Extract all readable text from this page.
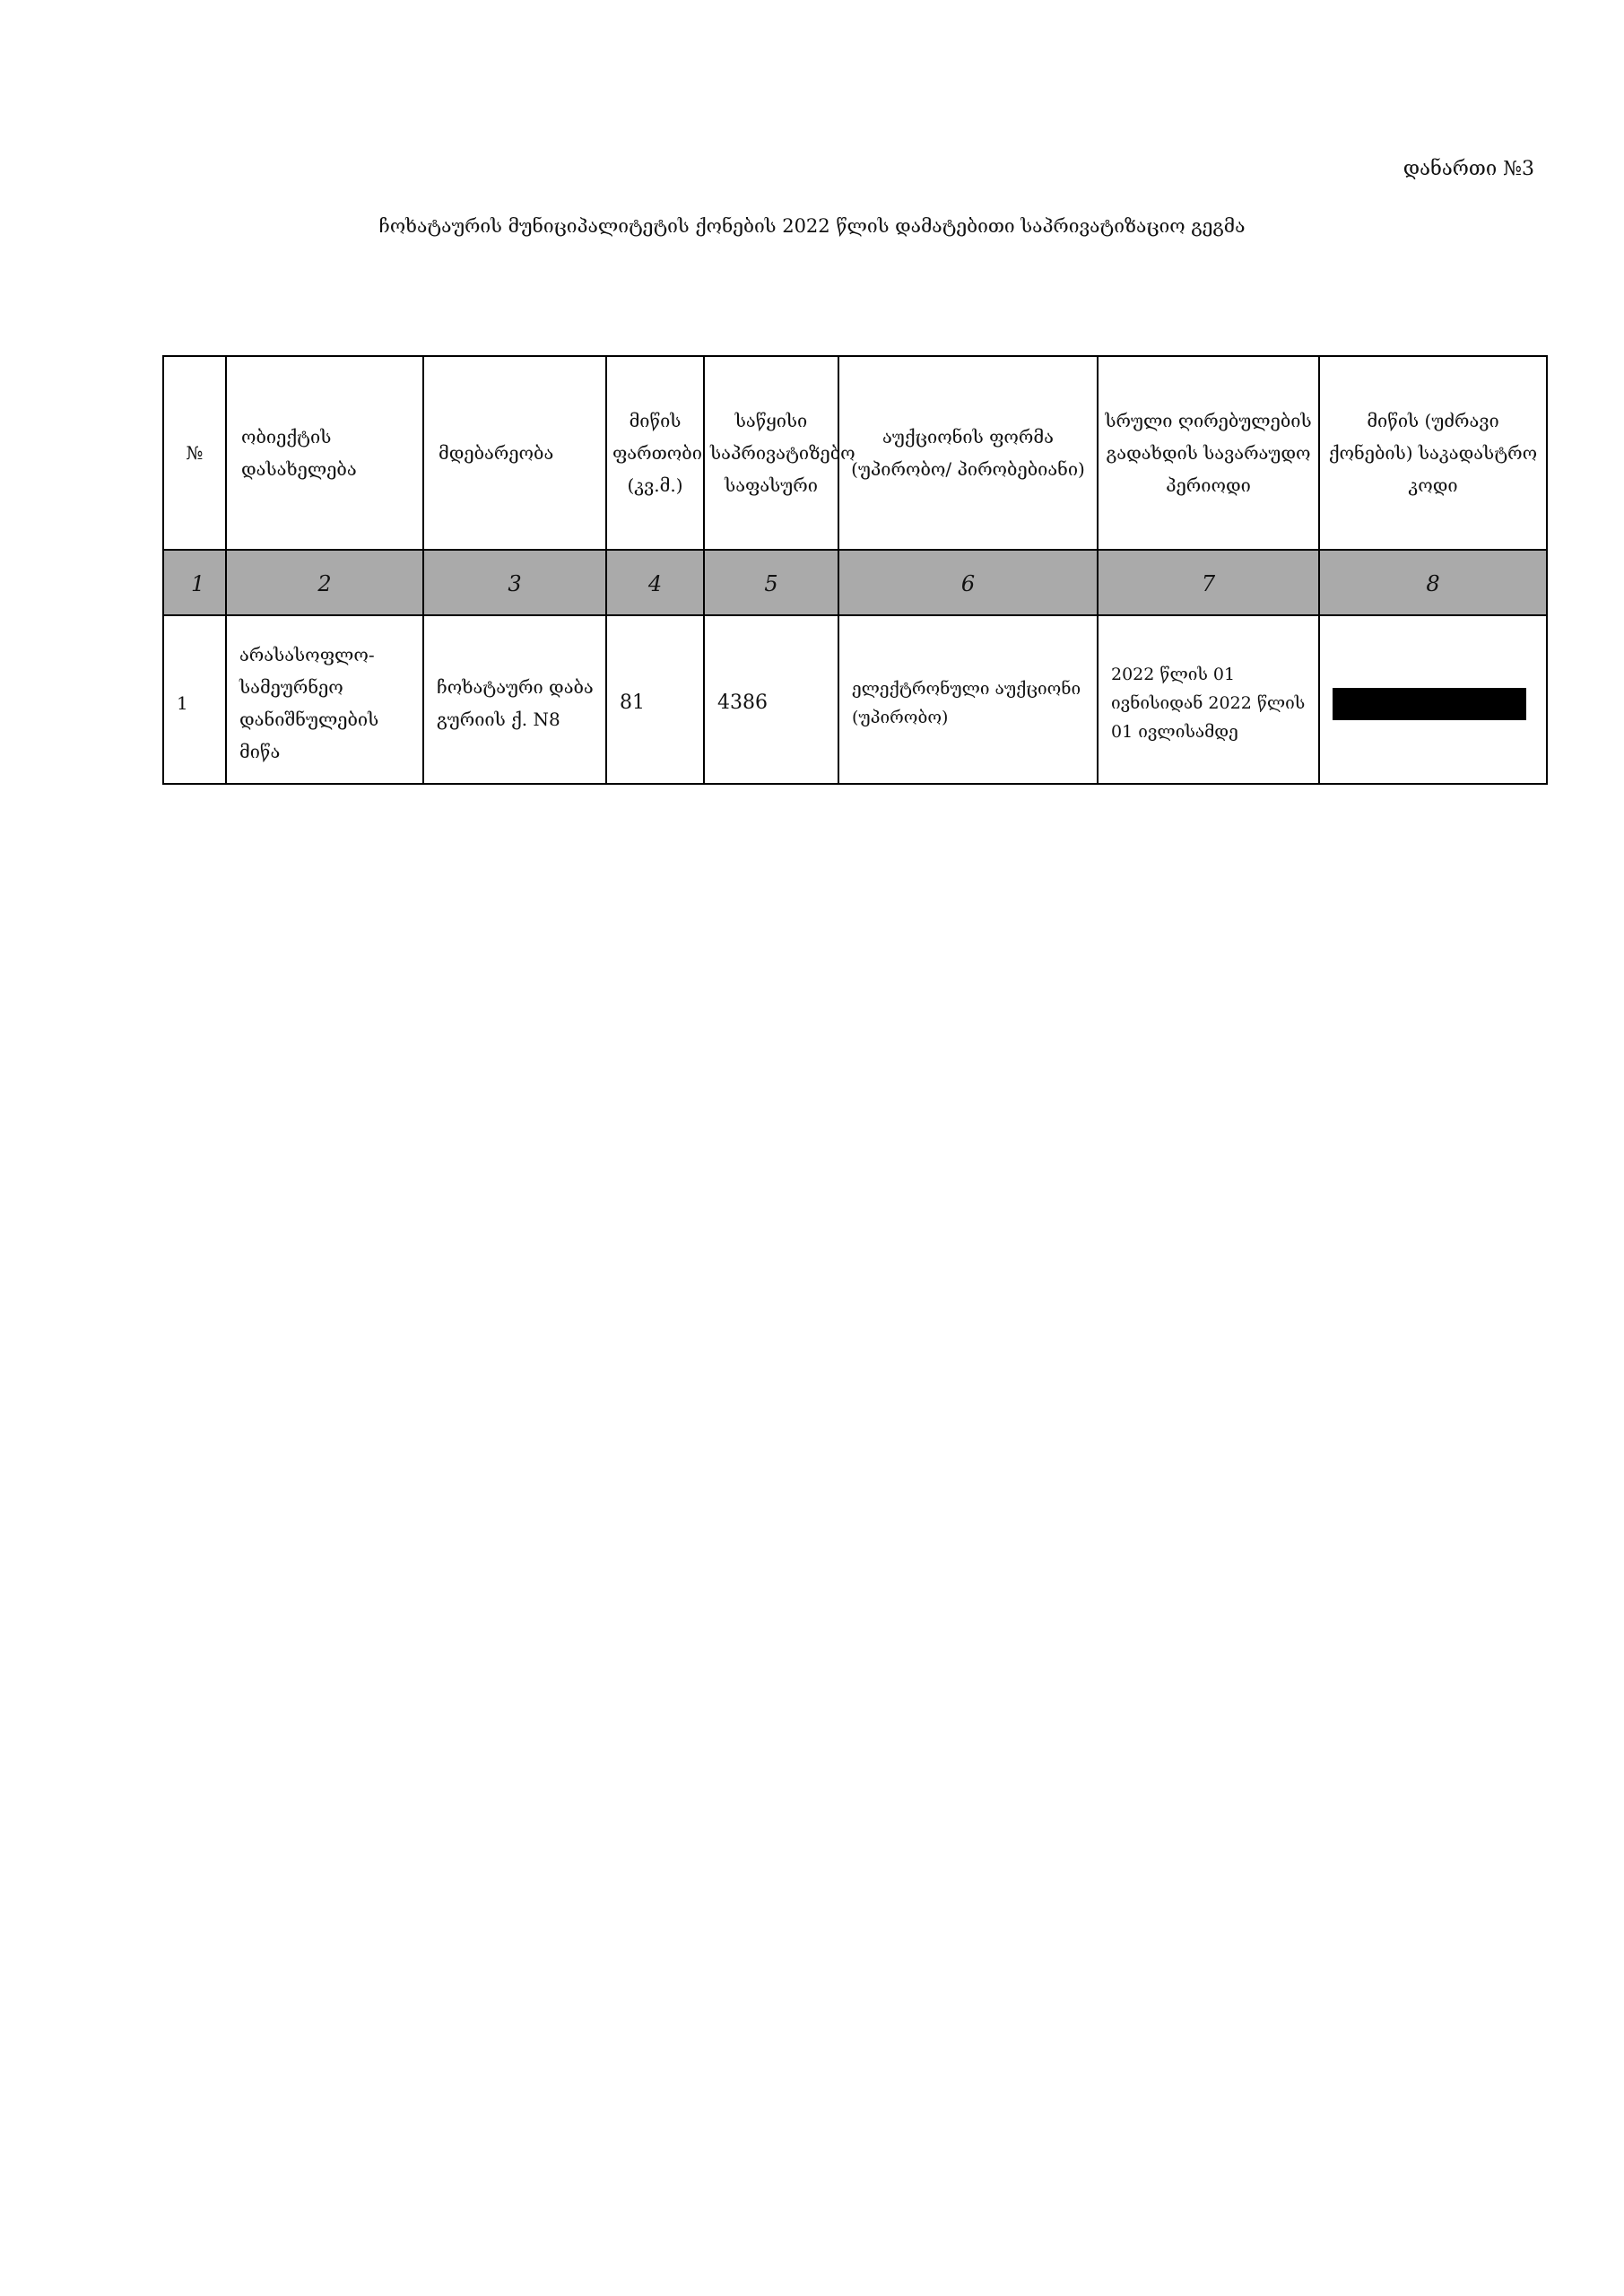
დანართი №3
ჩოხატაურის მუნიციპალიტეტის ქონების 2022 წლის დამატებითი საპრივატიზაციო გეგმა
№	ობიექტის დასახელება	მდებარეობა	მიწის ფართობი (კვ.მ.)	საწყისი საპრივატიზებო საფასური	აუქციონის ფორმა (უპირობო/ პირობებიანი)	სრული ღირებულების გადახდის სავარაუდო პერიოდი	მიწის (უძრავი ქონების) საკადასტრო კოდი
1	2	3	4	5	6	7	8
1	არასასოფლო-სამეურნეო დანიშნულების მიწა	ჩოხატაური დაბა გურიის ქ. N8	81	4386	ელექტრონული აუქციონი (უპირობო)	2022 წლის 01 ივნისიდან 2022 წლის 01 ივლისამდე	
